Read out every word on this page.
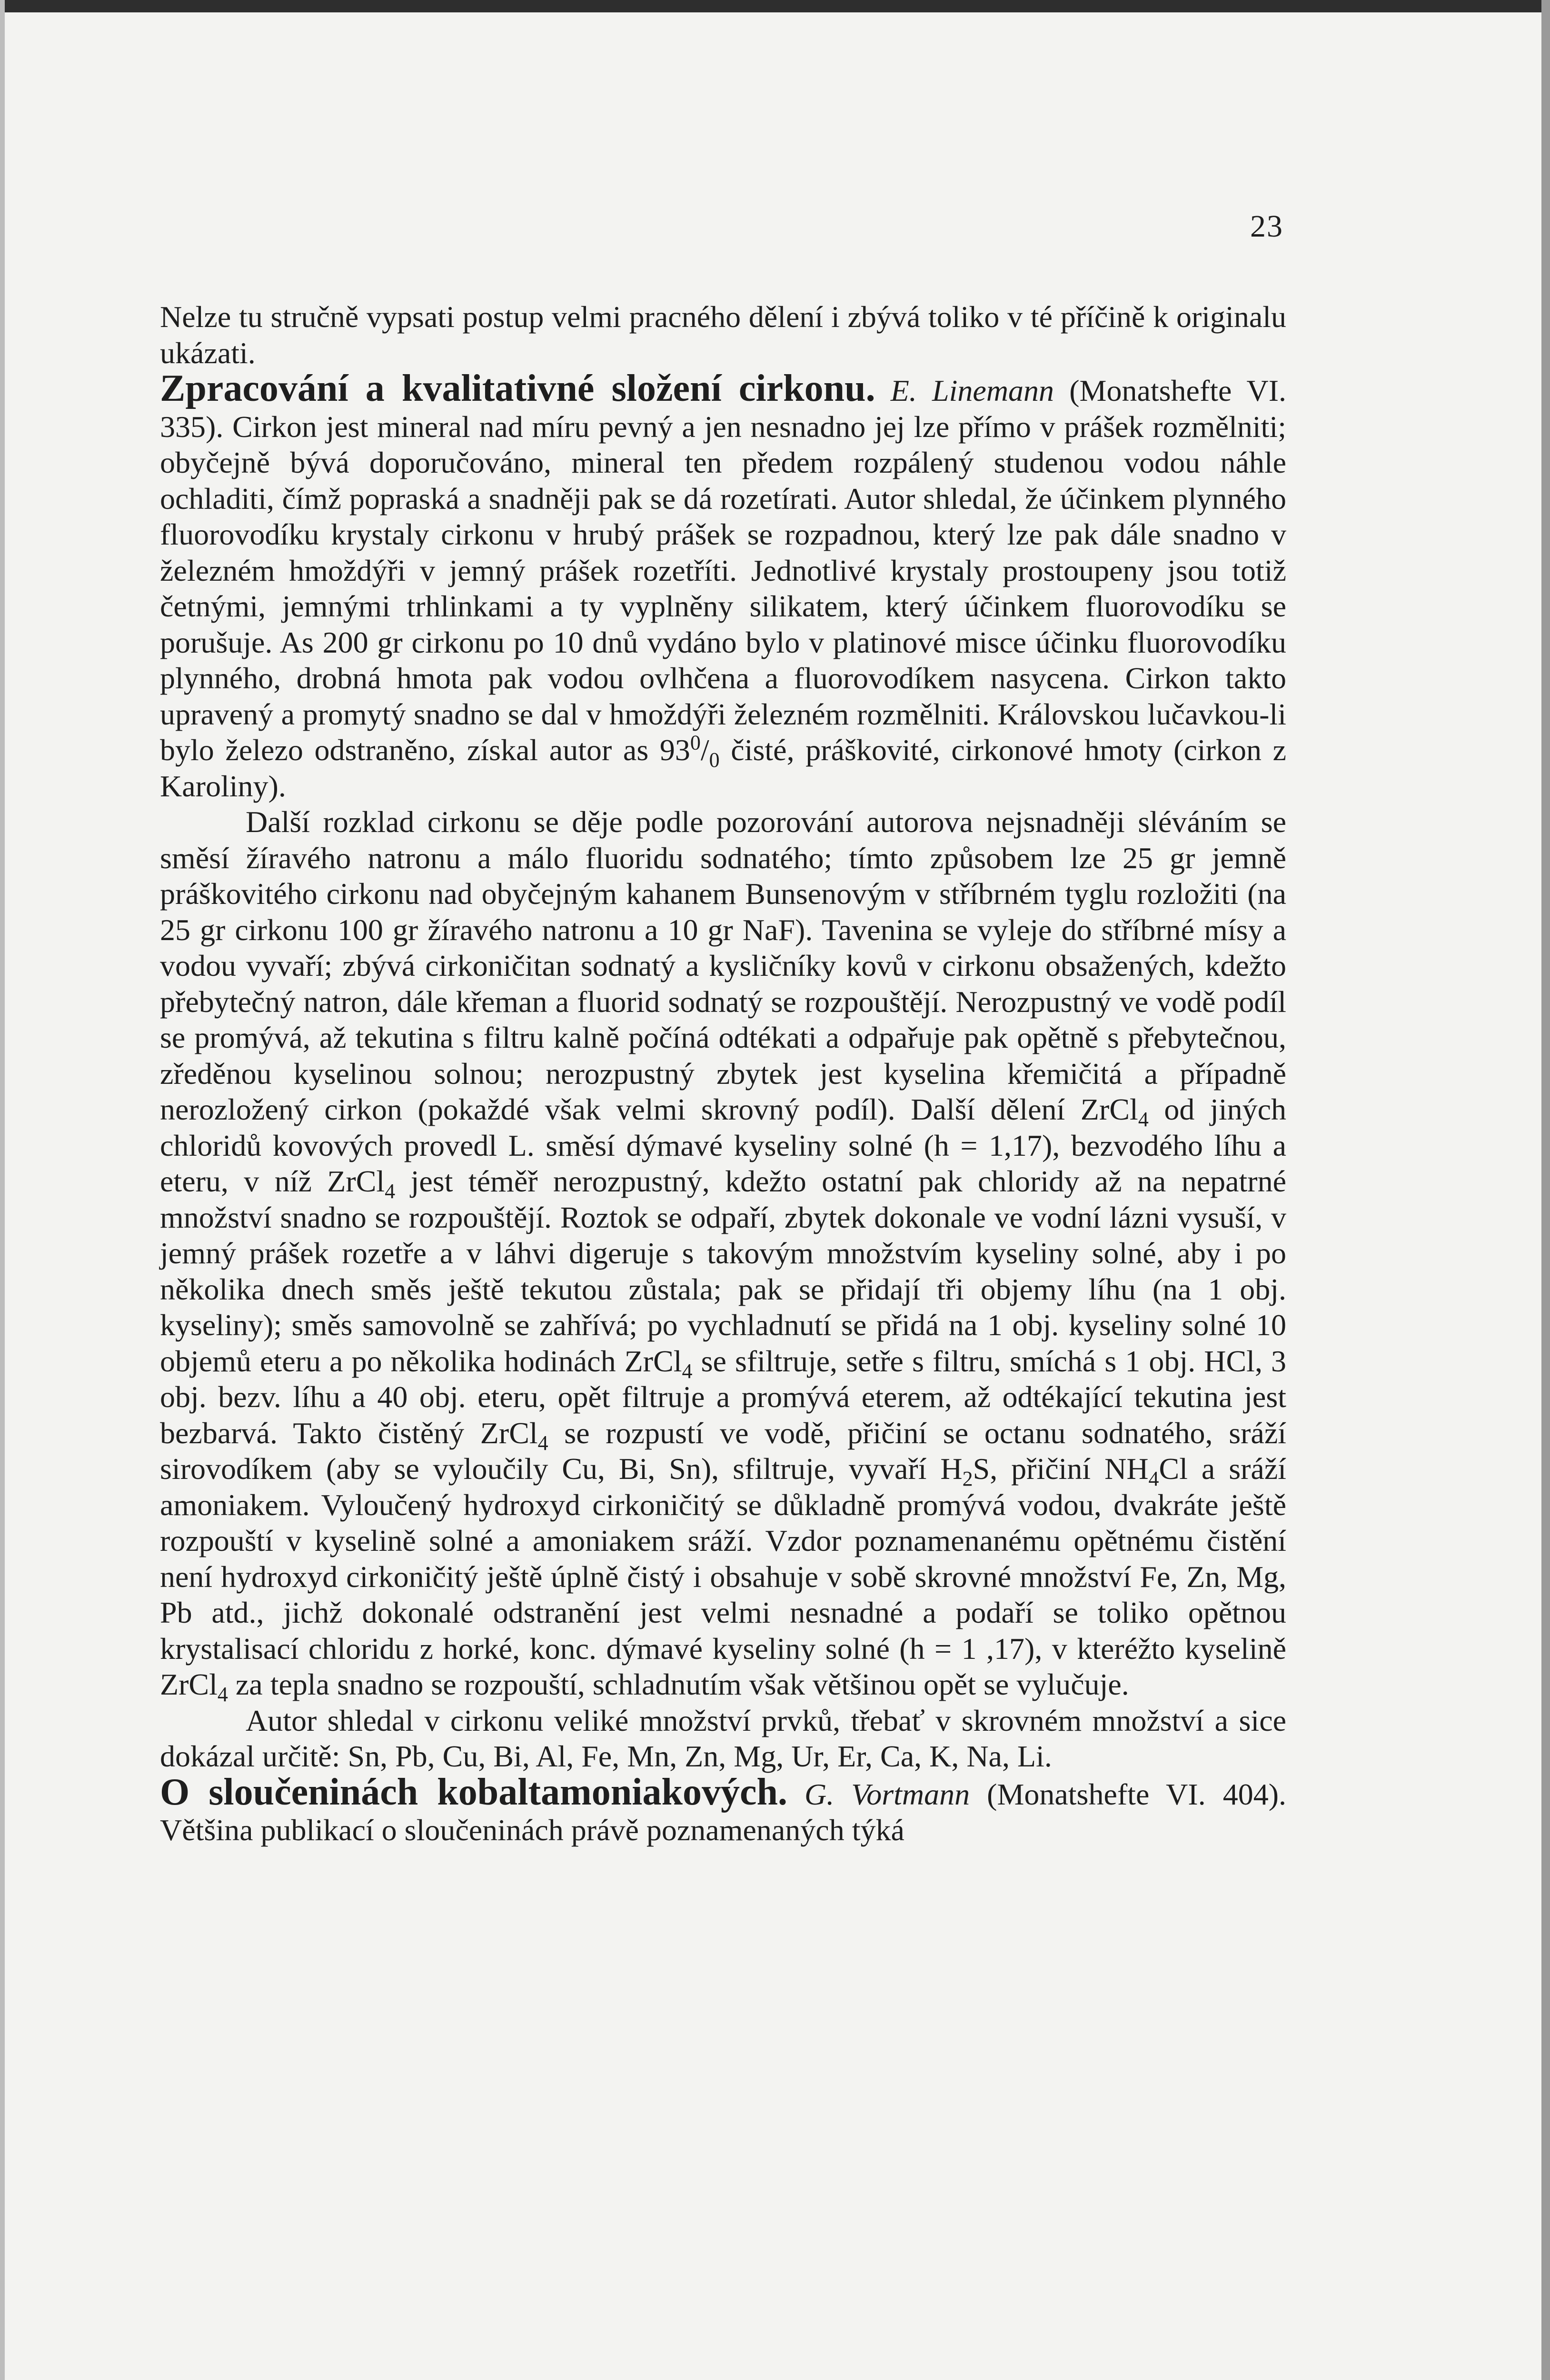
23

Nelze tu stručně vypsati postup velmi pracného dělení i zbývá toliko v té příčině k originalu ukázati.

Zpracování a kvalitativné složení cirkonu. E. Linemann (Monatshefte VI. 335). Cirkon jest mineral nad míru pevný a jen nesnadno jej lze přímo v prášek rozmělniti; obyčejně bývá doporučováno, mineral ten předem rozpálený studenou vodou náhle ochladiti, čímž popraská a snadněji pak se dá rozetírati. Autor shledal, že účinkem plynného fluorovodíku krystaly cirkonu v hrubý prášek se rozpadnou, který lze pak dále snadno v železném hmoždýři v jemný prášek rozetříti. Jednotlivé krystaly prostoupeny jsou totiž četnými, jemnými trhlinkami a ty vyplněny silikatem, který účinkem fluorovodíku se porušuje. As 200 gr cirkonu po 10 dnů vydáno bylo v platinové misce účinku fluorovodíku plynného, drobná hmota pak vodou ovlhčena a fluorovodíkem nasycena. Cirkon takto upravený a promytý snadno se dal v hmoždýři železném rozmělniti. Královskou lučavkou-li bylo železo odstraněno, získal autor as $93^0/_0$ čisté, práškovité, cirkonové hmoty (cirkon z Karoliny).

Další rozklad cirkonu se děje podle pozorování autorova nejsnadněji sléváním se směsí žíravého natronu a málo fluoridu sodnatého; tímto způsobem lze 25 gr jemně práškovitého cirkonu nad obyčejným kahanem Bunsenovým v stříbrném tyglu rozložiti (na 25 gr cirkonu 100 gr žíravého natronu a 10 gr NaF). Tavenina se vyleje do stříbrné mísy a vodou vyvaří; zbývá cirkoničitan sodnatý a kysličníky kovů v cirkonu obsažených, kdežto přebytečný natron, dále křeman a fluorid sodnatý se rozpouštějí. Nerozpustný ve vodě podíl se promývá, až tekutina s filtru kalně počíná odtékati a odpařuje pak opětně s přebytečnou, zředěnou kyselinou solnou; nerozpustný zbytek jest kyselina křemičitá a případně nerozložený cirkon (pokaždé však velmi skrovný podíl). Další dělení ZrCl$_4$ od jiných chloridů kovových provedl L. směsí dýmavé kyseliny solné (h = 1,17), bezvodého líhu a eteru, v níž ZrCl$_4$ jest téměř nerozpustný, kdežto ostatní pak chloridy až na nepatrné množství snadno se rozpouštějí. Roztok se odpaří, zbytek dokonale ve vodní lázni vysuší, v jemný prášek rozetře a v láhvi digeruje s takovým množstvím kyseliny solné, aby i po několika dnech směs ještě tekutou zůstala; pak se přidají tři objemy líhu (na 1 obj. kyseliny); směs samovolně se zahřívá; po vychladnutí se přidá na 1 obj. kyseliny solné 10 objemů eteru a po několika hodinách ZrCl$_4$ se sfiltruje, setře s filtru, smíchá s 1 obj. HCl, 3 obj. bezv. líhu a 40 obj. eteru, opět filtruje a promývá eterem, až odtékající tekutina jest bezbarvá. Takto čistěný ZrCl$_4$ se rozpustí ve vodě, přičiní se octanu sodnatého, sráží sirovodíkem (aby se vyloučily Cu, Bi, Sn), sfiltruje, vyvaří $H_2S$, přičiní $NH_4Cl$ a sráží amoniakem. Vyloučený hydroxyd cirkoničitý se důkladně promývá vodou, dvakráte ještě rozpouští v kyselině solné a amoniakem sráží. Vzdor poznamenanému opětnému čistění není hydroxyd cirkoničitý ještě úplně čistý i obsahuje v sobě skrovné množství Fe, Zn, Mg, Pb atd., jichž dokonalé odstranění jest velmi nesnadné a podaří se toliko opětnou krystalisací chloridu z horké, konc. dýmavé kyseliny solné (h = 1 ,17), v kteréžto kyselině ZrCl$_4$ za tepla snadno se rozpouští, schladnutím však většinou opět se vylučuje.

Autor shledal v cirkonu veliké množství prvků, třebať v skrovném množství a sice dokázal určitě: Sn, Pb, Cu, Bi, Al, Fe, Mn, Zn, Mg, Ur, Er, Ca, K, Na, Li.

O sloučeninách kobaltamoniakových. G. Vortmann (Monatshefte VI. 404). Většina publikací o sloučeninách právě poznamenaných týká
